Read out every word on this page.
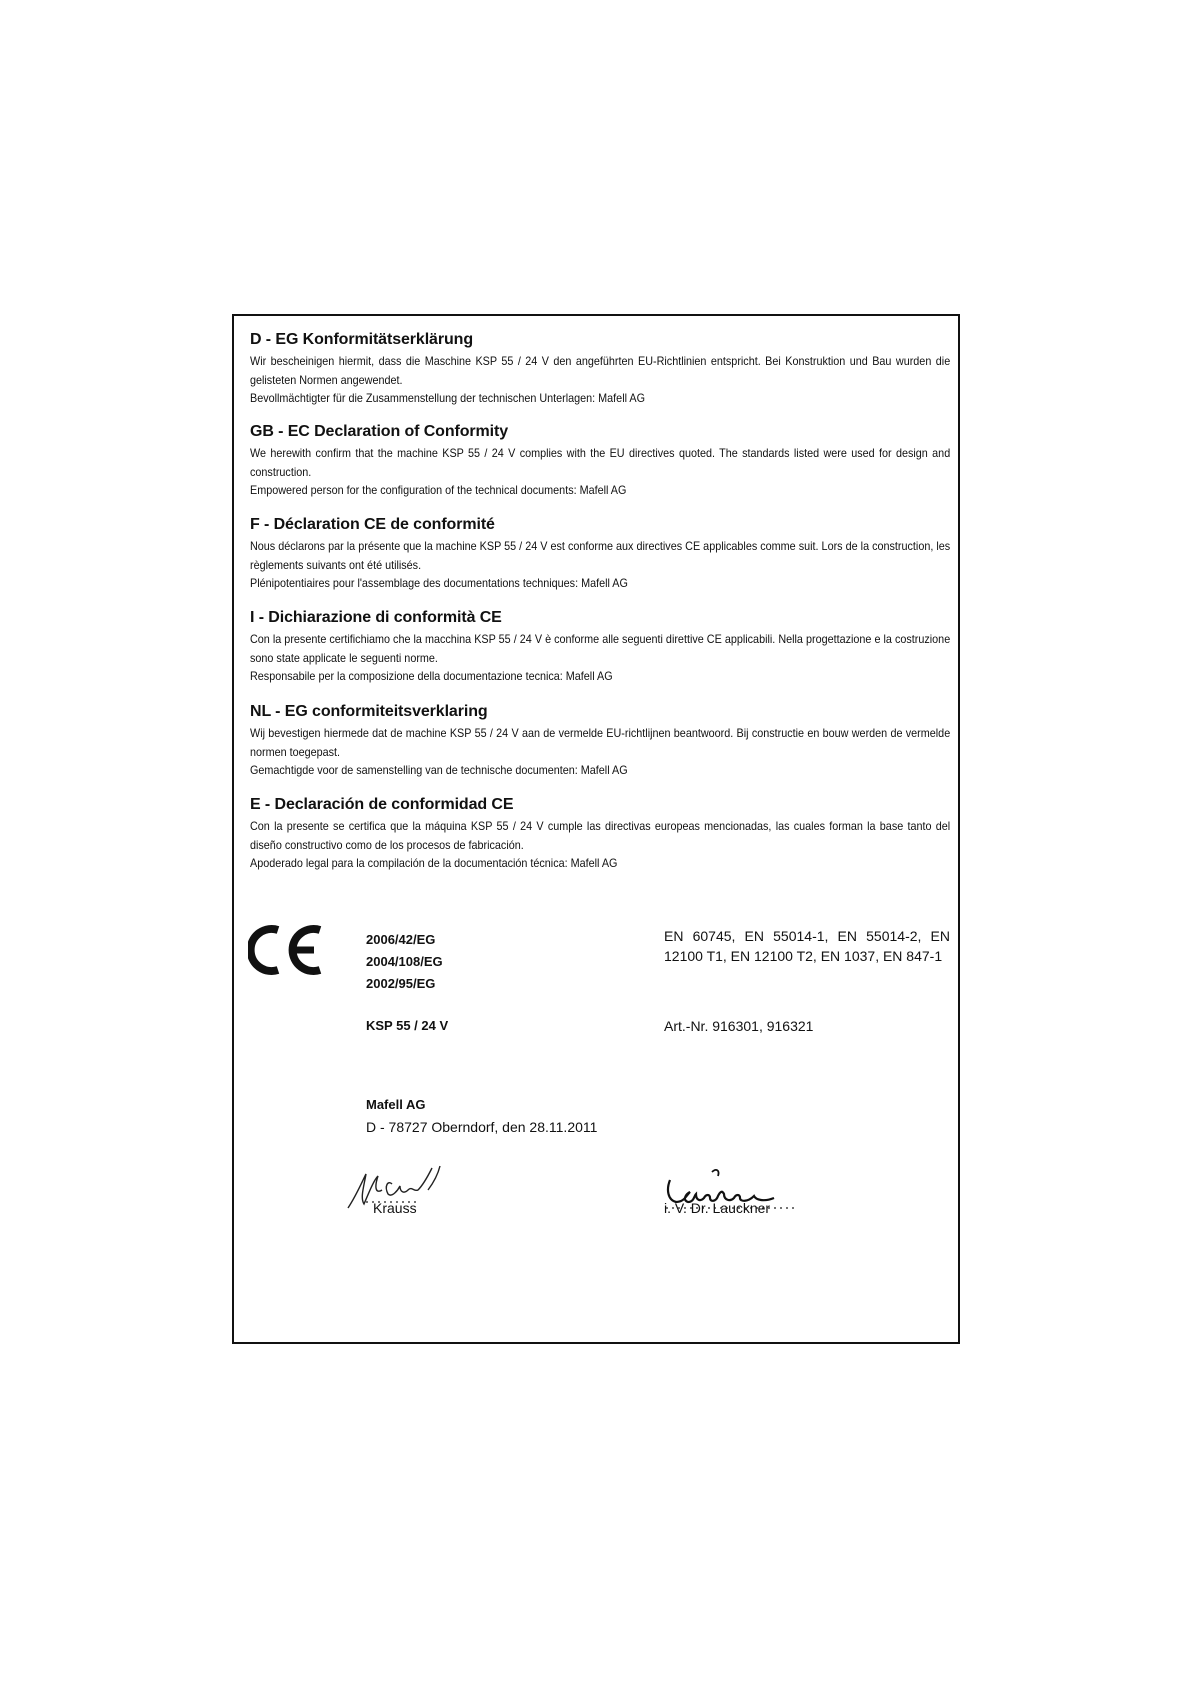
D - EG Konformitätserklärung

Wir bescheinigen hiermit, dass die Maschine KSP 55 / 24 V den angeführten EU-Richtlinien entspricht. Bei Konstruktion und Bau wurden die gelisteten Normen angewendet.

Bevollmächtigter für die Zusammenstellung der technischen Unterlagen: Mafell AG

GB - EC Declaration of Conformity

We herewith confirm that the machine KSP 55 / 24 V complies with the EU directives quoted. The standards listed were used for design and construction.

Empowered person for the configuration of the technical documents: Mafell AG

F - Déclaration CE de conformité

Nous déclarons par la présente que la machine KSP 55 / 24 V est conforme aux directives CE applicables comme suit. Lors de la construction, les règlements suivants ont été utilisés.

Plénipotentiaires pour l'assemblage des documentations techniques: Mafell AG

I - Dichiarazione di conformità CE

Con la presente certifichiamo che la macchina KSP 55 / 24 V è conforme alle seguenti direttive CE applicabili. Nella progettazione e la costruzione sono state applicate le seguenti norme.

Responsabile per la composizione della documentazione tecnica: Mafell AG

NL - EG conformiteitsverklaring

Wij bevestigen hiermede dat de machine KSP 55 / 24 V aan de vermelde EU-richtlijnen beantwoord. Bij constructie en bouw werden de vermelde normen toegepast.

Gemachtigde voor de samenstelling van de technische documenten: Mafell AG

E - Declaración de conformidad CE

Con la presente se certifica que la máquina KSP 55 / 24 V cumple las directivas europeas mencionadas, las cuales forman la base tanto del diseño constructivo como de los procesos de fabricación.

Apoderado legal para la compilación de la documentación técnica: Mafell AG

2006/42/EG
2004/108/EG
2002/95/EG
EN 60745, EN 55014-1, EN 55014-2, EN 12100 T1, EN 12100 T2, EN 1037, EN 847-1
KSP 55 / 24 V	Art.-Nr. 916301, 916321
Mafell AG
D - 78727 Oberndorf, den 28.11.2011
Krauss	i. V. Dr. Lauckner
